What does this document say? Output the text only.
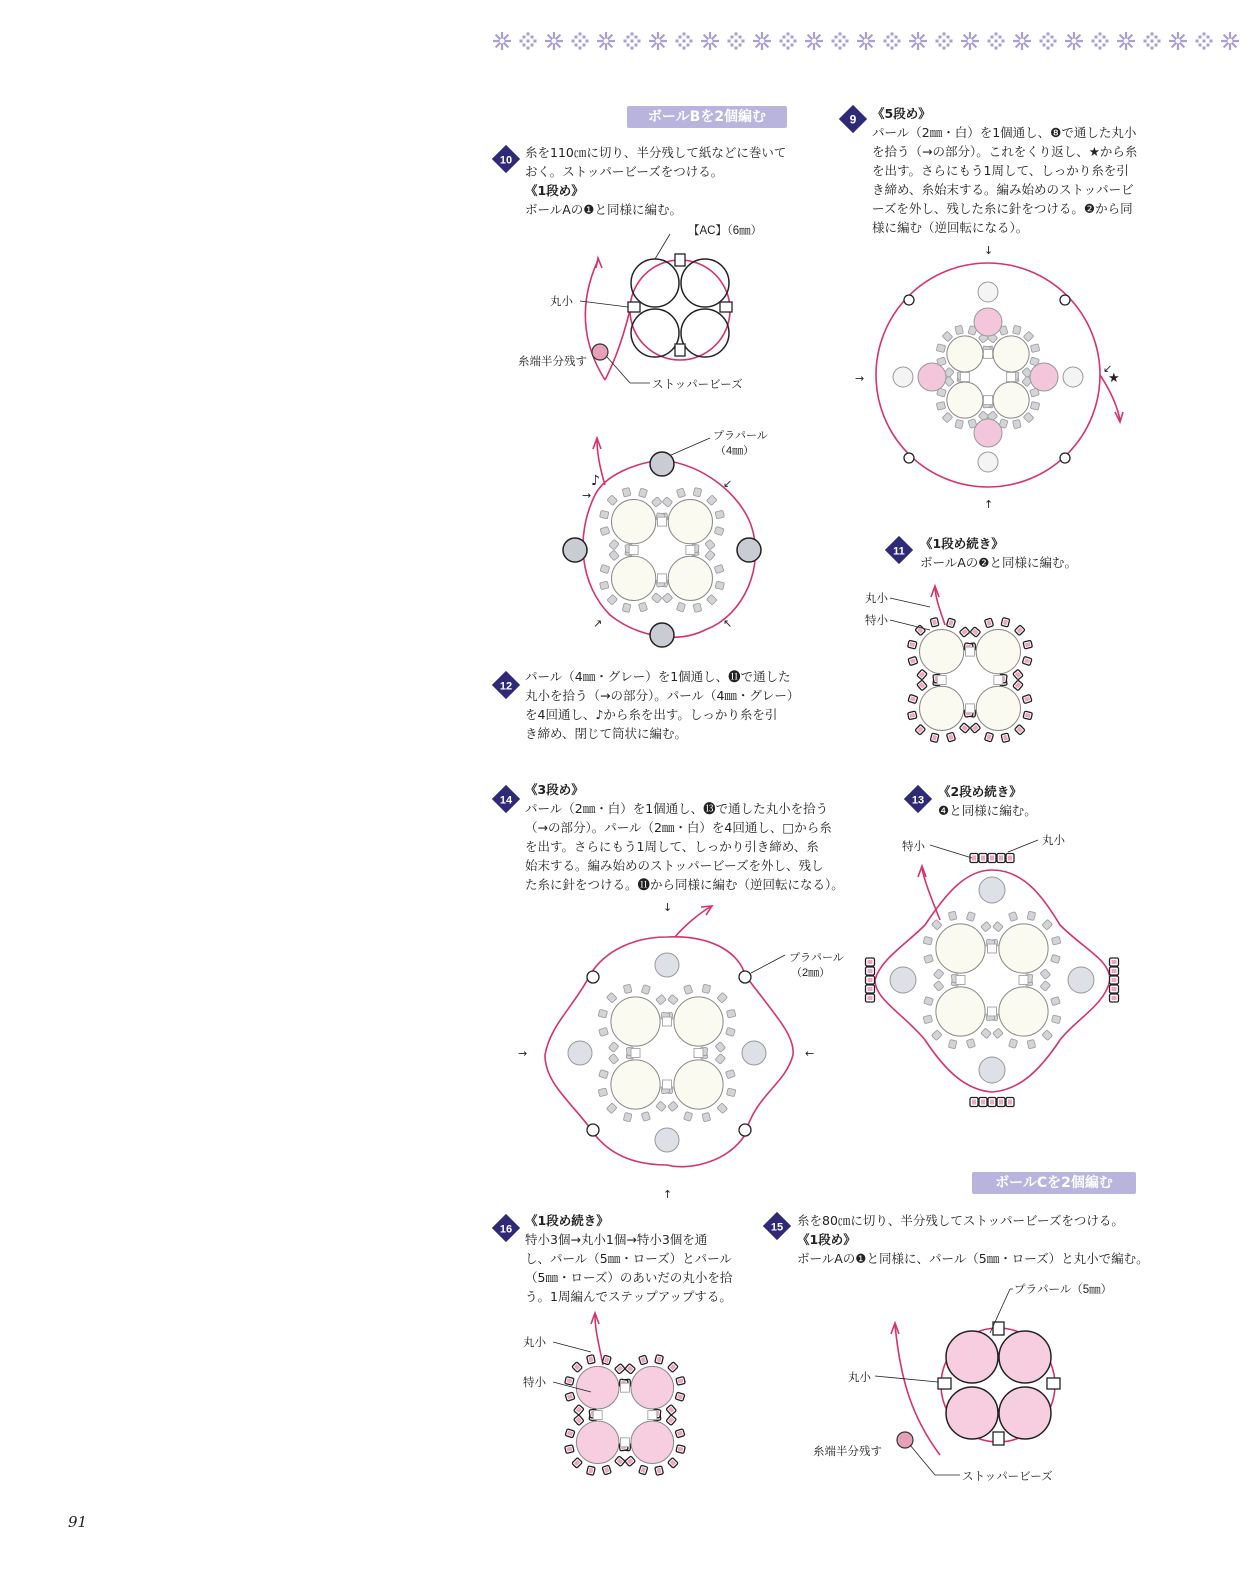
ボールBを2個編む
ボールCを2個編む
9 《5段め》
パール（2㎜・白）を1個通し、❽で通した丸小
を拾う（→の部分）。これをくり返し、★から糸
を出す。さらにもう1周して、しっかり糸を引
き締め、糸始末する。編み始めのストッパービ
ーズを外し、残した糸に針をつける。❷から同
様に編む（逆回転になる）。
10
糸を110㎝に切り、半分残して紙などに巻いて
おく。ストッパービーズをつける。
《1段め》
ボールAの❶と同様に編む。
11
《1段め続き》
ボールAの❷と同様に編む。
12
パール（4㎜・グレー）を1個通し、⓫で通した
丸小を拾う（→の部分）。パール（4㎜・グレー）
を4回通し、♪から糸を出す。しっかり糸を引
き締め、閉じて筒状に編む。
13
《2段め続き》
❹と同様に編む。
14
《3段め》
パール（2㎜・白）を1個通し、⓭で通した丸小を拾う
（→の部分）。パール（2㎜・白）を4回通し、□から糸
を出す。さらにもう1周して、しっかり引き締め、糸
始末する。編み始めのストッパービーズを外し、残し
た糸に針をつける。⓫から同様に編む（逆回転になる）。
15 糸を80㎝に切り、半分残してストッパービーズをつける。
《1段め》
ボールAの❶と同様に、パール（5㎜・ローズ）と丸小で編む。
16
《1段め続き》
特小3個→丸小1個→特小3個を通
し、パール（5㎜・ローズ）とパール
（5㎜・ローズ）のあいだの丸小を拾
う。1周編んでステップアップする。
【AC】（6㎜）
丸小
糸端半分残す
ストッパービーズ
プラパール
（4㎜）
♪
→
↙
↗	↖
↓
↑
→
↙
★
丸小
特小
プラパール
（2㎜）
↓
↑
→	←
特小	丸小
丸小
特小
プラパール（5㎜）
丸小
糸端半分残す
ストッパービーズ
91
